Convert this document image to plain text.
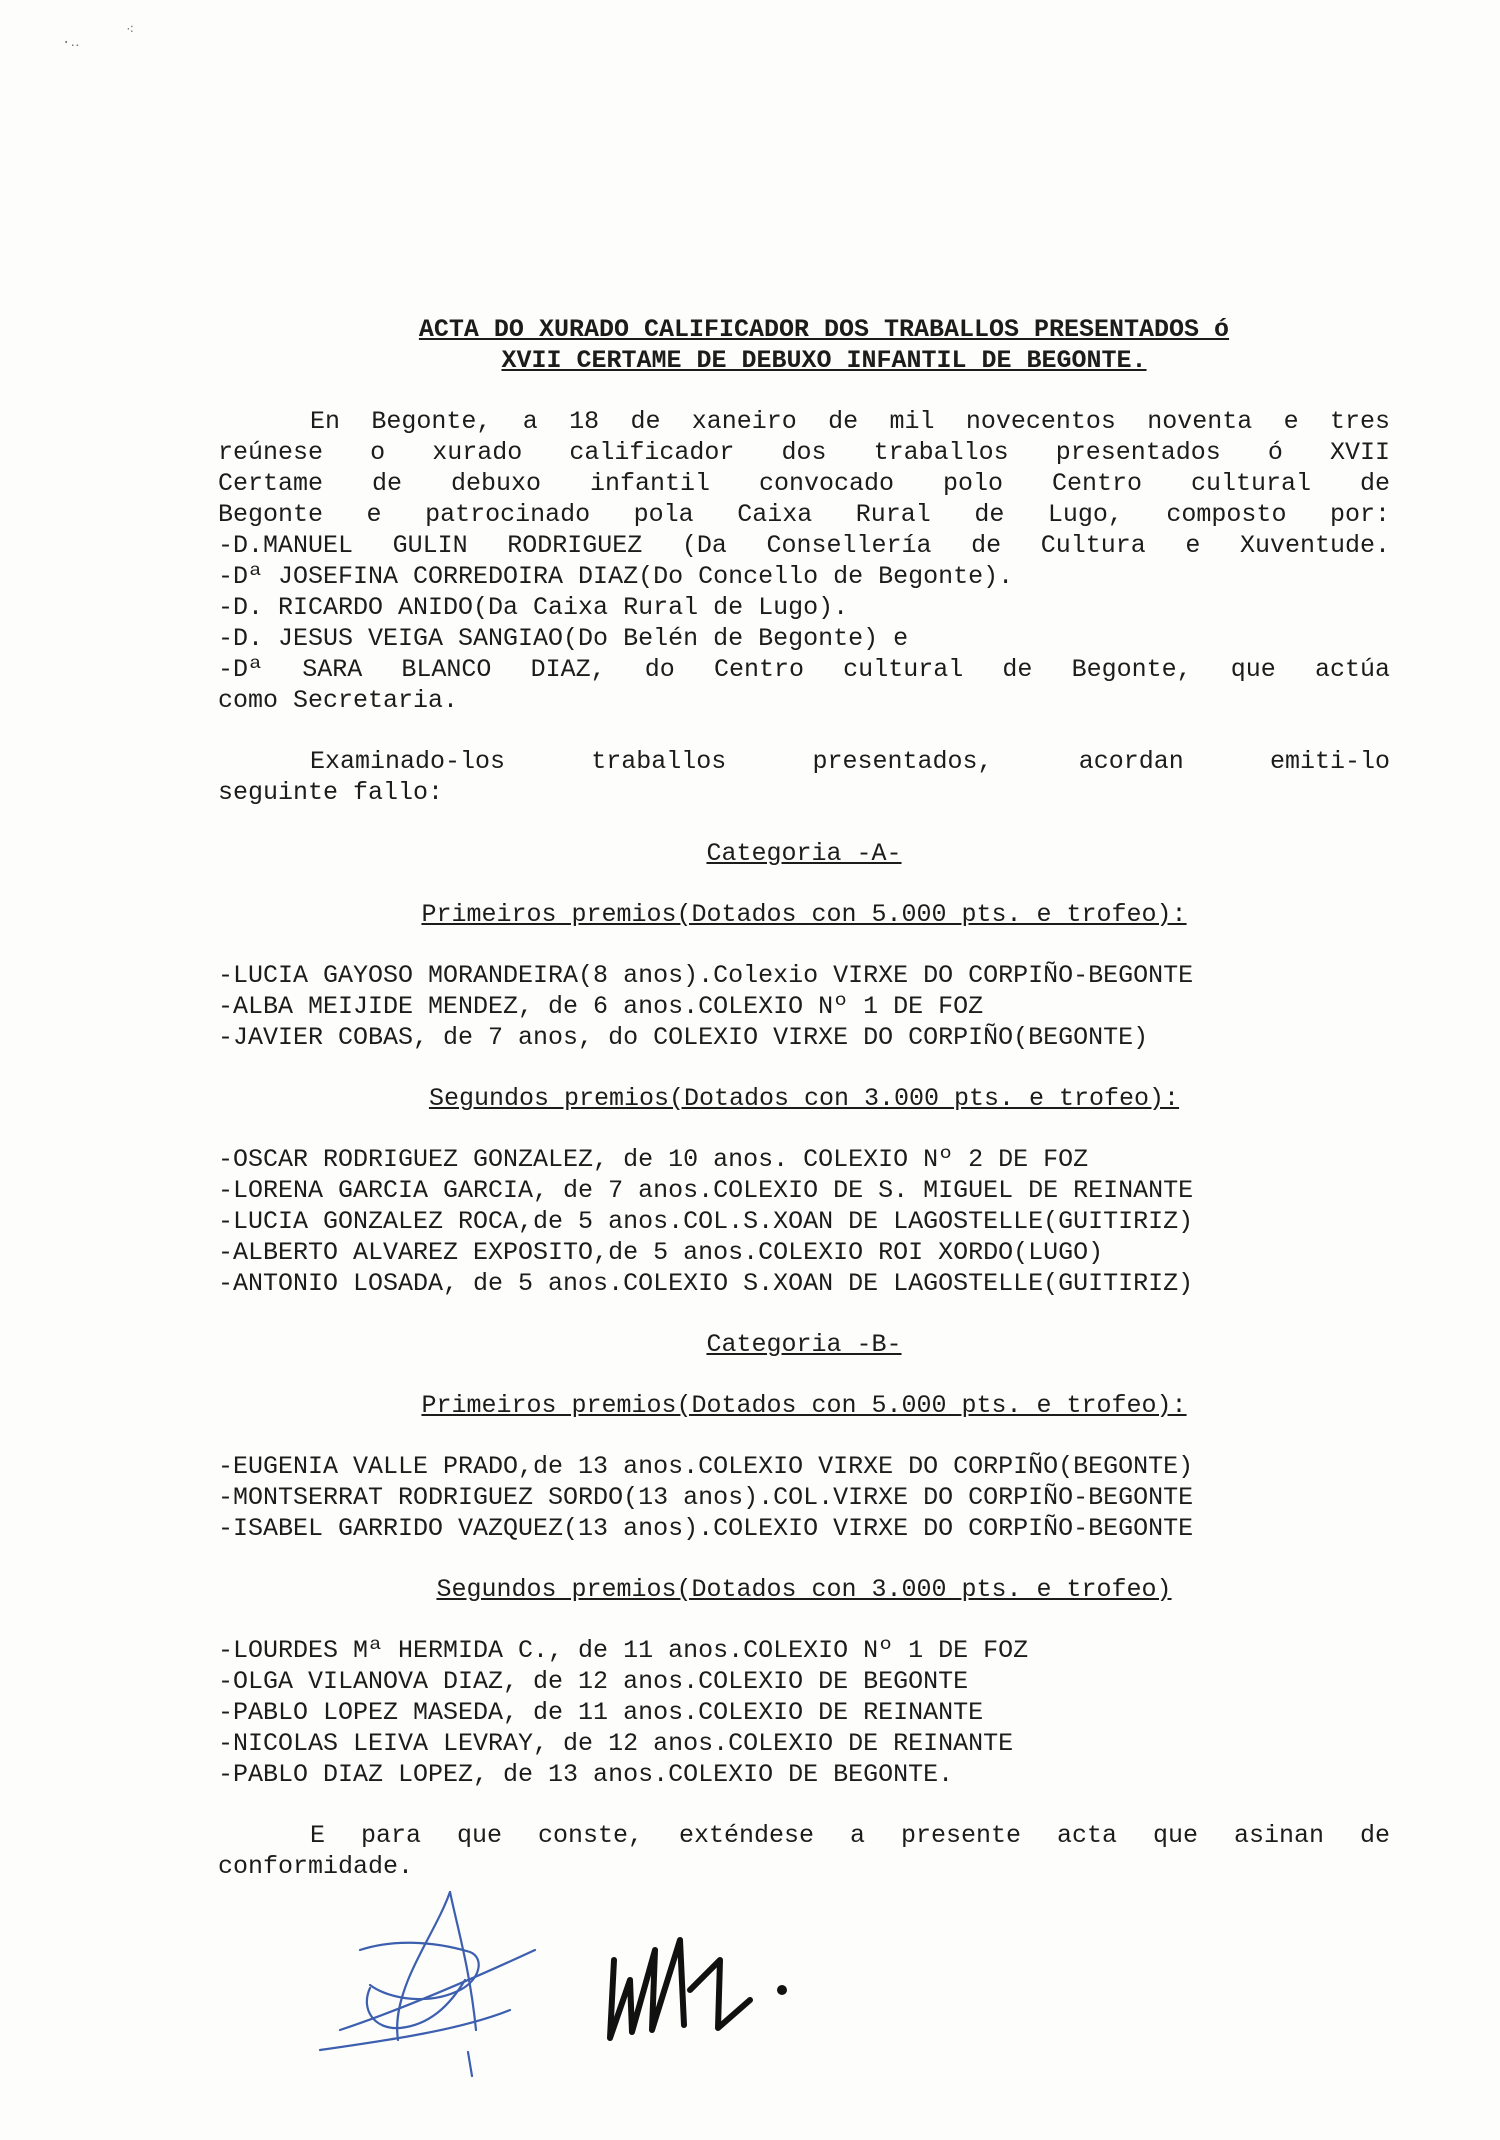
·‥
⁖

ACTA DO XURADO CALIFICADOR DOS TRABALLOS PRESENTADOS ó

XVII CERTAME DE DEBUXO INFANTIL DE BEGONTE.

En Begonte, a 18 de xaneiro de mil novecentos noventa e tres

reúnese o xurado calificador dos traballos presentados ó XVII

Certame de debuxo infantil convocado polo Centro cultural de

Begonte e patrocinado pola Caixa Rural de Lugo, composto por:

-D.MANUEL GULIN RODRIGUEZ (Da Consellería de Cultura e Xuventude.

-Dª JOSEFINA CORREDOIRA DIAZ(Do Concello de Begonte).

-D. RICARDO ANIDO(Da Caixa Rural de Lugo).

-D. JESUS VEIGA SANGIAO(Do Belén de Begonte) e

-Dª SARA BLANCO DIAZ, do Centro cultural de Begonte, que actúa

como Secretaria.

Examinado-los traballos presentados, acordan emiti-lo

seguinte fallo:

Categoria -A-

Primeiros premios(Dotados con 5.000 pts. e trofeo):

-LUCIA GAYOSO MORANDEIRA(8 anos).Colexio VIRXE DO CORPIÑO-BEGONTE

-ALBA MEIJIDE MENDEZ, de 6 anos.COLEXIO Nº 1 DE FOZ

-JAVIER COBAS, de 7 anos, do COLEXIO VIRXE DO CORPIÑO(BEGONTE)

Segundos premios(Dotados con 3.000 pts. e trofeo):

-OSCAR RODRIGUEZ GONZALEZ, de 10 anos. COLEXIO Nº 2 DE FOZ

-LORENA GARCIA GARCIA, de 7 anos.COLEXIO DE S. MIGUEL DE REINANTE

-LUCIA GONZALEZ ROCA,de 5 anos.COL.S.XOAN DE LAGOSTELLE(GUITIRIZ)

-ALBERTO ALVAREZ EXPOSITO,de 5 anos.COLEXIO ROI XORDO(LUGO)

-ANTONIO LOSADA, de 5 anos.COLEXIO S.XOAN DE LAGOSTELLE(GUITIRIZ)

Categoria -B-

Primeiros premios(Dotados con 5.000 pts. e trofeo):

-EUGENIA VALLE PRADO,de 13 anos.COLEXIO VIRXE DO CORPIÑO(BEGONTE)

-MONTSERRAT RODRIGUEZ SORDO(13 anos).COL.VIRXE DO CORPIÑO-BEGONTE

-ISABEL GARRIDO VAZQUEZ(13 anos).COLEXIO VIRXE DO CORPIÑO-BEGONTE

Segundos premios(Dotados con 3.000 pts. e trofeo)

-LOURDES Mª HERMIDA C., de 11 anos.COLEXIO Nº 1 DE FOZ

-OLGA VILANOVA DIAZ, de 12 anos.COLEXIO DE BEGONTE

-PABLO LOPEZ MASEDA, de 11 anos.COLEXIO DE REINANTE

-NICOLAS LEIVA LEVRAY, de 12 anos.COLEXIO DE REINANTE

-PABLO DIAZ LOPEZ, de 13 anos.COLEXIO DE BEGONTE.

E para que conste, exténdese a presente acta que asinan de

conformidade.
